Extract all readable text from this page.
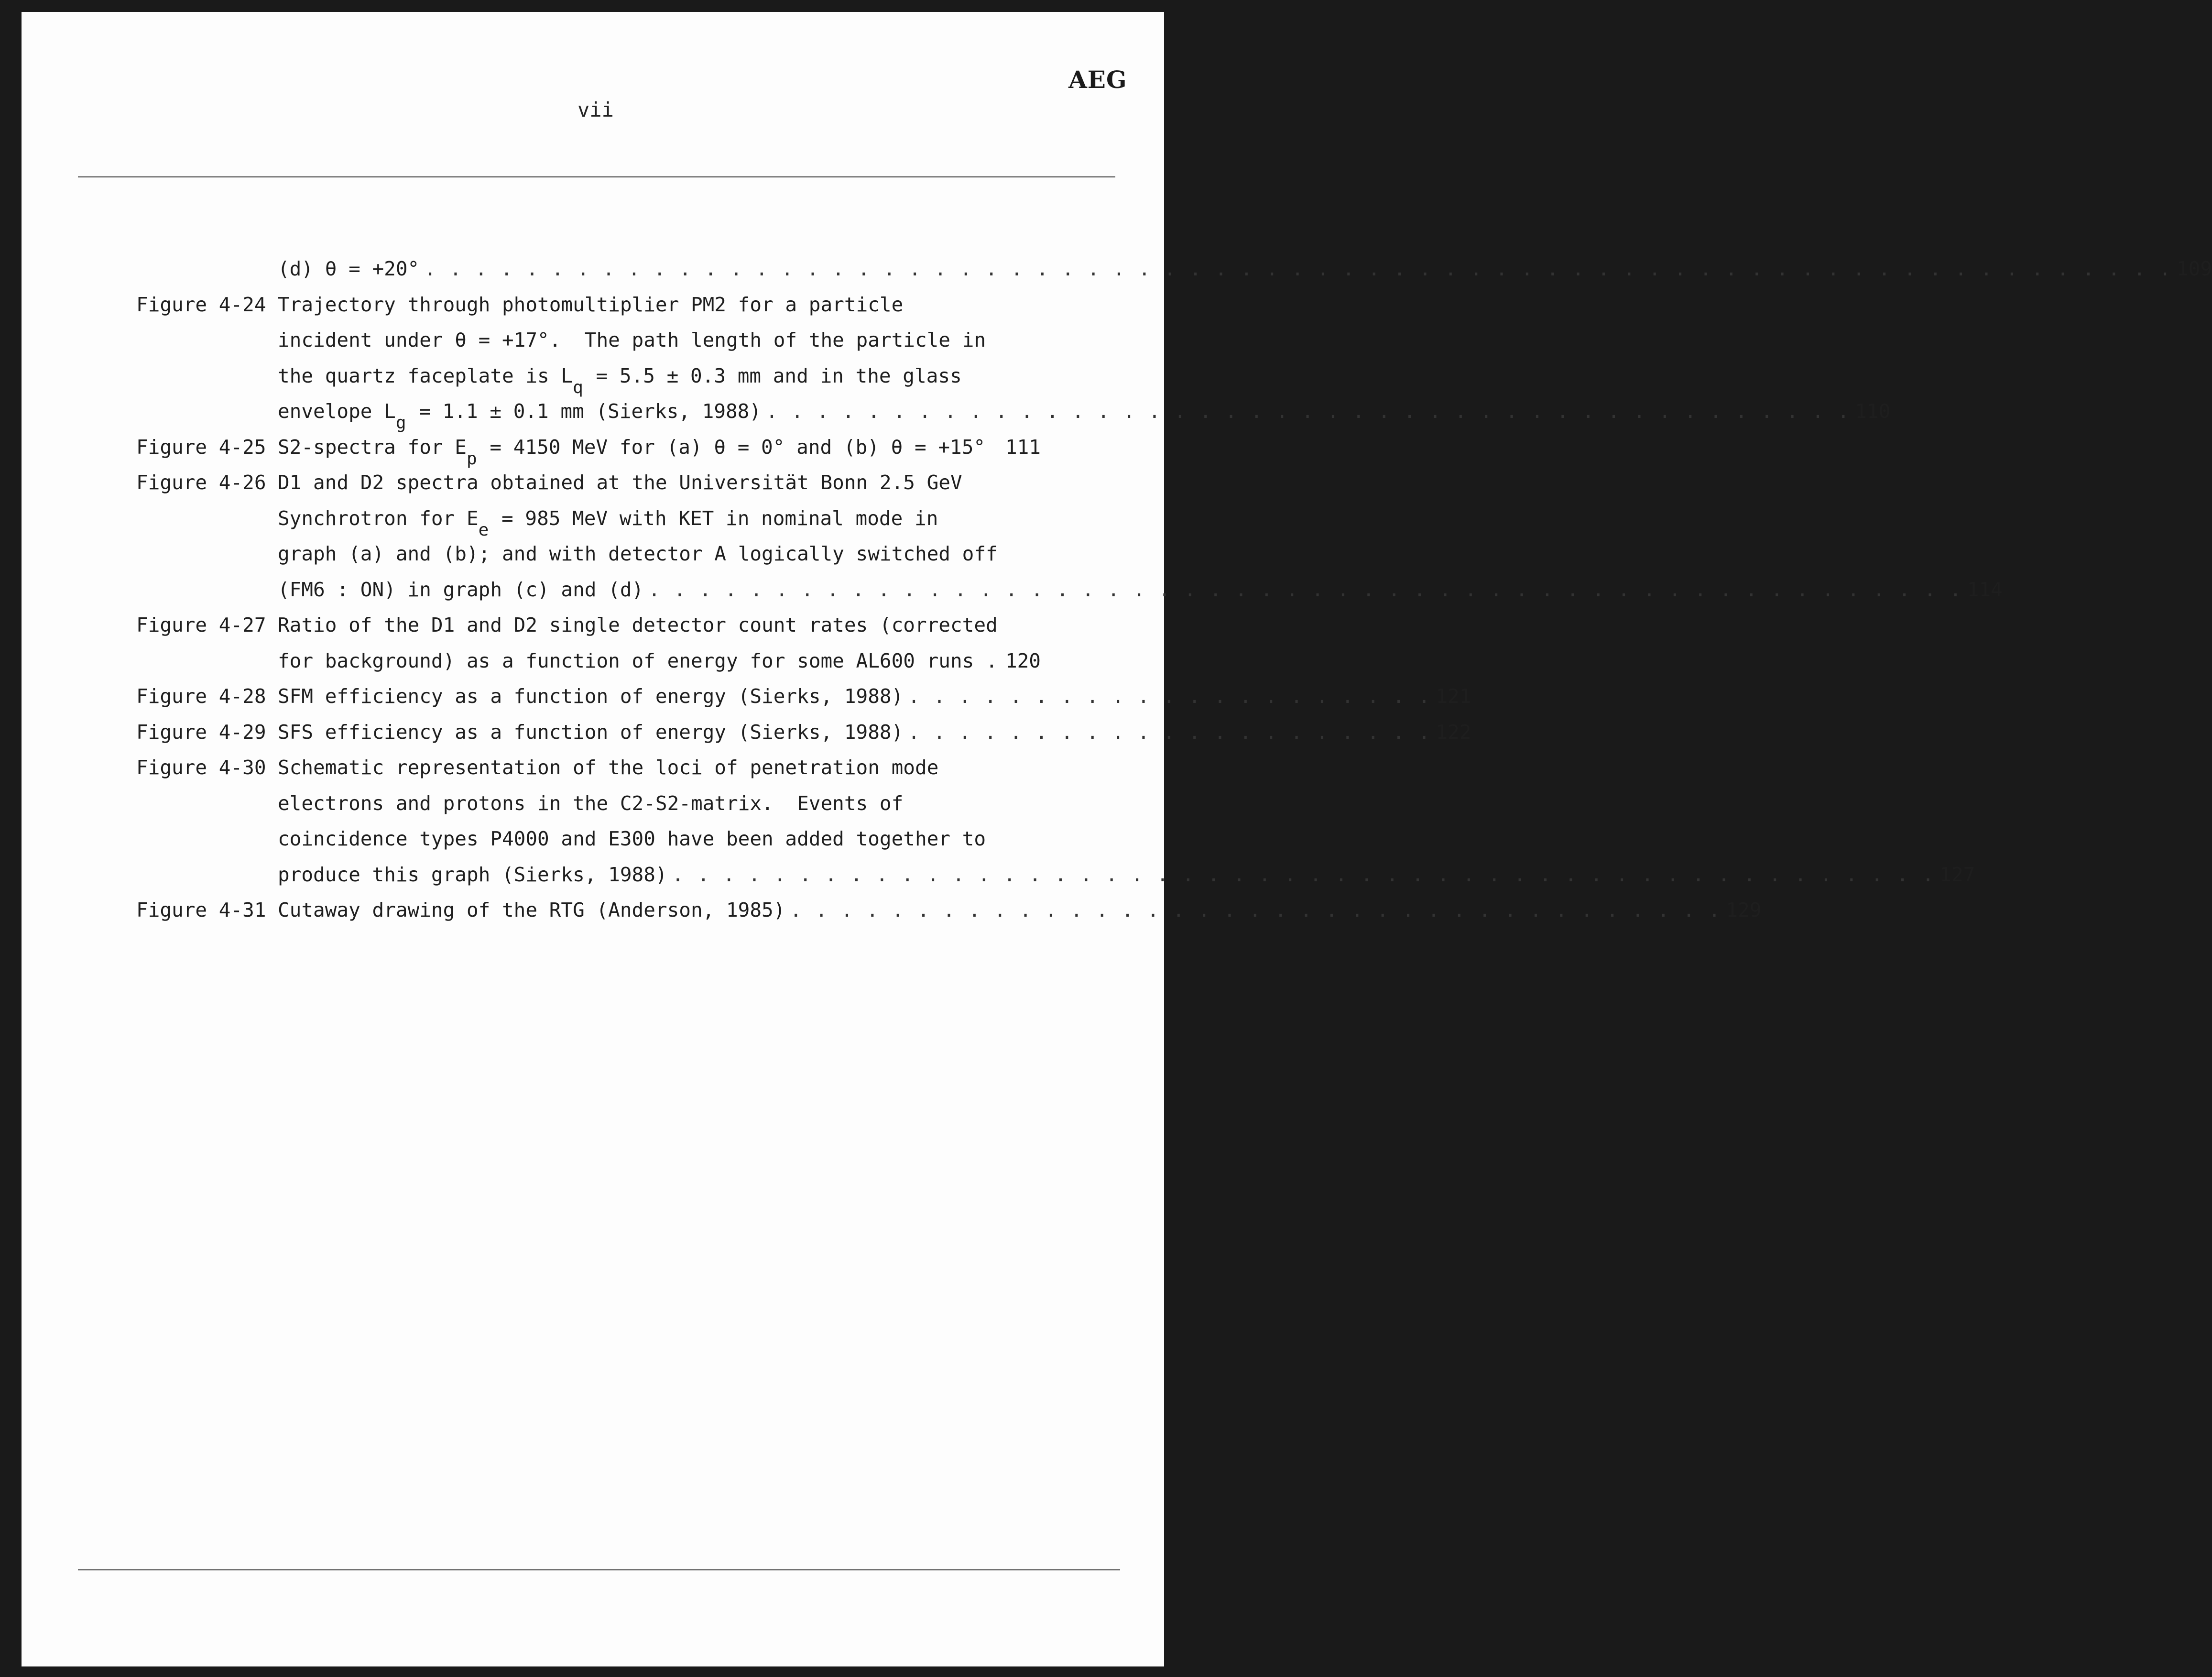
AEG
vii
(d) θ = +20° . . . . . . . . . . . . . . . . . . . . . . . . . . . . . . . . . . . . . . . . . . . . . . . . . . . . . . . . . . . . . . . . . . . . . 109
Figure 4-24 Trajectory through photomultiplier PM2 for a particle
incident under θ = +17°.  The path length of the particle in
the quartz faceplate is Lq = 5.5 ± 0.3 mm and in the glass
envelope Lg = 1.1 ± 0.1 mm (Sierks, 1988) . . . . . . . . . . . . . . . . . . . . . . . . . . . . . . . . . . . . . . . . . . . 110
Figure 4-25 S2-spectra for Ep = 4150 MeV for (a) θ = 0° and (b) θ = +15° 111
Figure 4-26 D1 and D2 spectra obtained at the Universität Bonn 2.5 GeV
Synchrotron for Ee = 985 MeV with KET in nominal mode in
graph (a) and (b); and with detector A logically switched off
(FM6 : ON) in graph (c) and (d) . . . . . . . . . . . . . . . . . . . . . . . . . . . . . . . . . . . . . . . . . . . . . . . . . . . . 114
Figure 4-27 Ratio of the D1 and D2 single detector count rates (corrected
for background) as a function of energy for some AL600 runs . 120
Figure 4-28 SFM efficiency as a function of energy (Sierks, 1988) . . . . . . . . . . . . . . . . . . . . . 121
Figure 4-29 SFS efficiency as a function of energy (Sierks, 1988) . . . . . . . . . . . . . . . . . . . . . 122
Figure 4-30 Schematic representation of the loci of penetration mode
electrons and protons in the C2-S2-matrix.  Events of
coincidence types P4000 and E300 have been added together to
produce this graph (Sierks, 1988) . . . . . . . . . . . . . . . . . . . . . . . . . . . . . . . . . . . . . . . . . . . . . . . . . . 127
Figure 4-31 Cutaway drawing of the RTG (Anderson, 1985) . . . . . . . . . . . . . . . . . . . . . . . . . . . . . . . . . . . . . 129
